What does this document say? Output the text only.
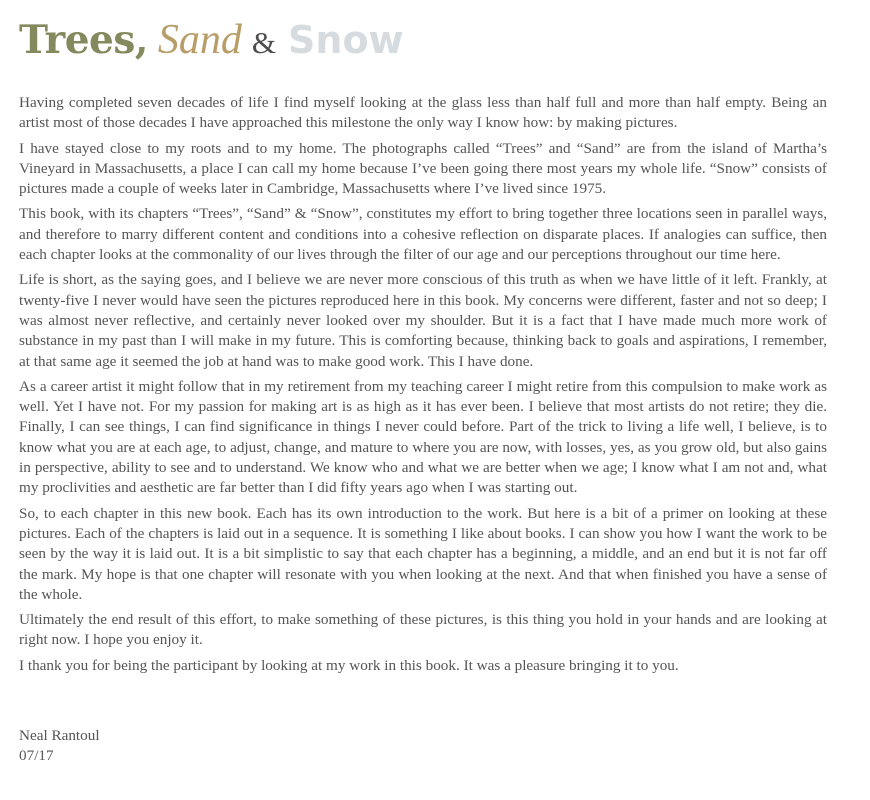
Trees, Sand & Snow

Having completed seven decades of life I find myself looking at the glass less than half full and more than half empty. Being an artist most of those decades I have approached this milestone the only way I know how: by making pictures.

I have stayed close to my roots and to my home. The photographs called “Trees” and “Sand” are from the island of Martha’s Vineyard in Massachusetts, a place I can call my home because I’ve been going there most years my whole life. “Snow” consists of pictures made a couple of weeks later in Cambridge, Massachusetts where I’ve lived since 1975.

This book, with its chapters “Trees”, “Sand” & “Snow”, constitutes my effort to bring together three locations seen in parallel ways, and therefore to marry different content and conditions into a cohesive reflection on disparate places. If analogies can suffice, then each chapter looks at the commonality of our lives through the filter of our age and our perceptions throughout our time here.

Life is short, as the saying goes, and I believe we are never more conscious of this truth as when we have little of it left. Frankly, at twenty-five I never would have seen the pictures reproduced here in this book. My concerns were different, faster and not so deep; I was almost never reflective, and certainly never looked over my shoulder. But it is a fact that I have made much more work of substance in my past than I will make in my future. This is comforting because, thinking back to goals and aspirations, I remember, at that same age it seemed the job at hand was to make good work. This I have done.

As a career artist it might follow that in my retirement from my teaching career I might retire from this compulsion to make work as well. Yet I have not. For my passion for making art is as high as it has ever been. I believe that most artists do not retire; they die. Finally, I can see things, I can find significance in things I never could before. Part of the trick to living a life well, I believe, is to know what you are at each age, to adjust, change, and mature to where you are now, with losses, yes, as you grow old, but also gains in perspective, ability to see and to understand. We know who and what we are better when we age; I know what I am not and, what my proclivities and aesthetic are far better than I did fifty years ago when I was starting out.

So, to each chapter in this new book. Each has its own introduction to the work. But here is a bit of a primer on looking at these pictures. Each of the chapters is laid out in a sequence. It is something I like about books. I can show you how I want the work to be seen by the way it is laid out. It is a bit simplistic to say that each chapter has a beginning, a middle, and an end but it is not far off the mark. My hope is that one chapter will resonate with you when looking at the next. And that when finished you have a sense of the whole.

Ultimately the end result of this effort, to make something of these pictures, is this thing you hold in your hands and are looking at right now. I hope you enjoy it.

I thank you for being the participant by looking at my work in this book. It was a pleasure bringing it to you.

Neal Rantoul
07/17
